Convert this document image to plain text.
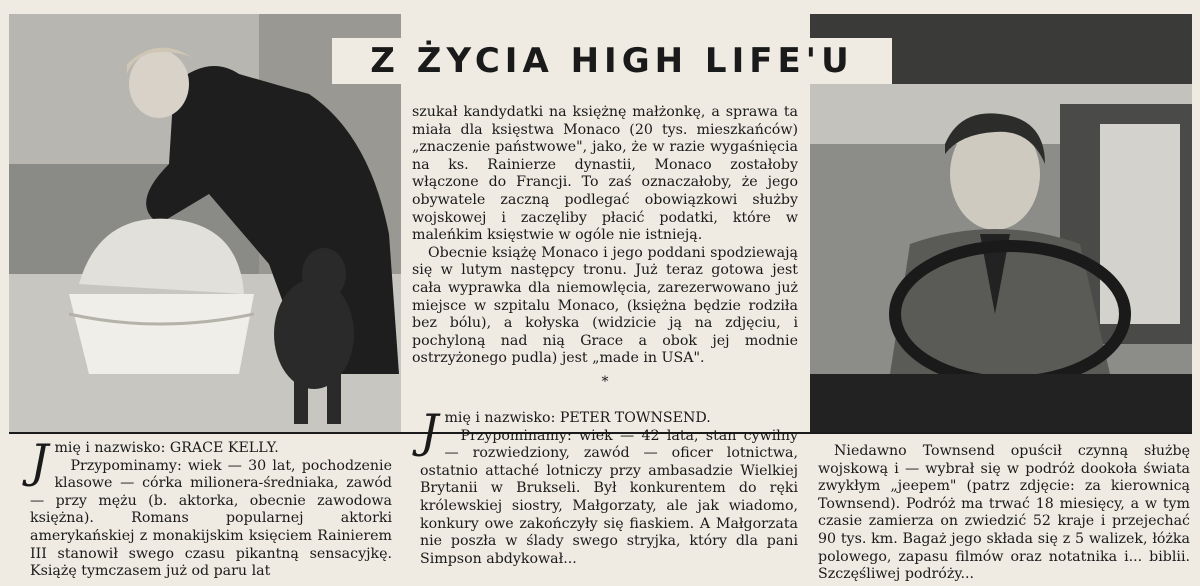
Z ŻYCIA HIGH LIFE'U

szukał kandydatki na księżnę małżonkę, a sprawa ta miała dla księstwa Monaco (20 tys. mieszkańców) „znaczenie państwowe", jako, że w razie wygaśnięcia na ks. Rainierze dynastii, Monaco zostałoby włączone do Francji. To zaś oznaczałoby, że jego obywatele zaczną podlegać obowiązkowi służby wojskowej i zaczęliby płacić podatki, które w maleńkim księstwie w ogóle nie istnieją.

Obecnie książę Monaco i jego poddani spodziewają się w lutym następcy tronu. Już teraz gotowa jest cała wyprawka dla niemowlęcia, zarezerwowano już miejsce w szpitalu Monaco, (księżna będzie rodziła bez bólu), a kołyska (widzicie ją na zdjęciu, i pochyloną nad nią Grace a obok jej modnie ostrzyżonego pudla) jest „made in USA".

*

J mię i nazwisko: GRACE KELLY.

Przypominamy: wiek — 30 lat, pochodzenie klasowe — córka milionera-średniaka, zawód — przy mężu (b. aktorka, obecnie zawodowa księżna). Romans popularnej aktorki amerykańskiej z monakijskim księciem Rainierem III stanowił swego czasu pikantną sensacyjkę. Książę tymczasem już od paru lat

J mię i nazwisko: PETER TOWNSEND.

Przypominamy: wiek — 42 lata, stan cywilny — rozwiedziony, zawód — oficer lotnictwa, ostatnio attaché lotniczy przy ambasadzie Wielkiej Brytanii w Brukseli. Był konkurentem do ręki królewskiej siostry, Małgorzaty, ale jak wiadomo, konkury owe zakończyły się fiaskiem. A Małgorzata nie poszła w ślady swego stryjka, który dla pani Simpson abdykował...

Niedawno Townsend opuścił czynną służbę wojskową i — wybrał się w podróż dookoła świata zwykłym „jeepem" (patrz zdjęcie: za kierownicą Townsend). Podróż ma trwać 18 miesięcy, a w tym czasie zamierza on zwiedzić 52 kraje i przejechać 90 tys. km. Bagaż jego składa się z 5 walizek, łóżka polowego, zapasu filmów oraz notatnika i... biblii. Szczęśliwej podróży...
